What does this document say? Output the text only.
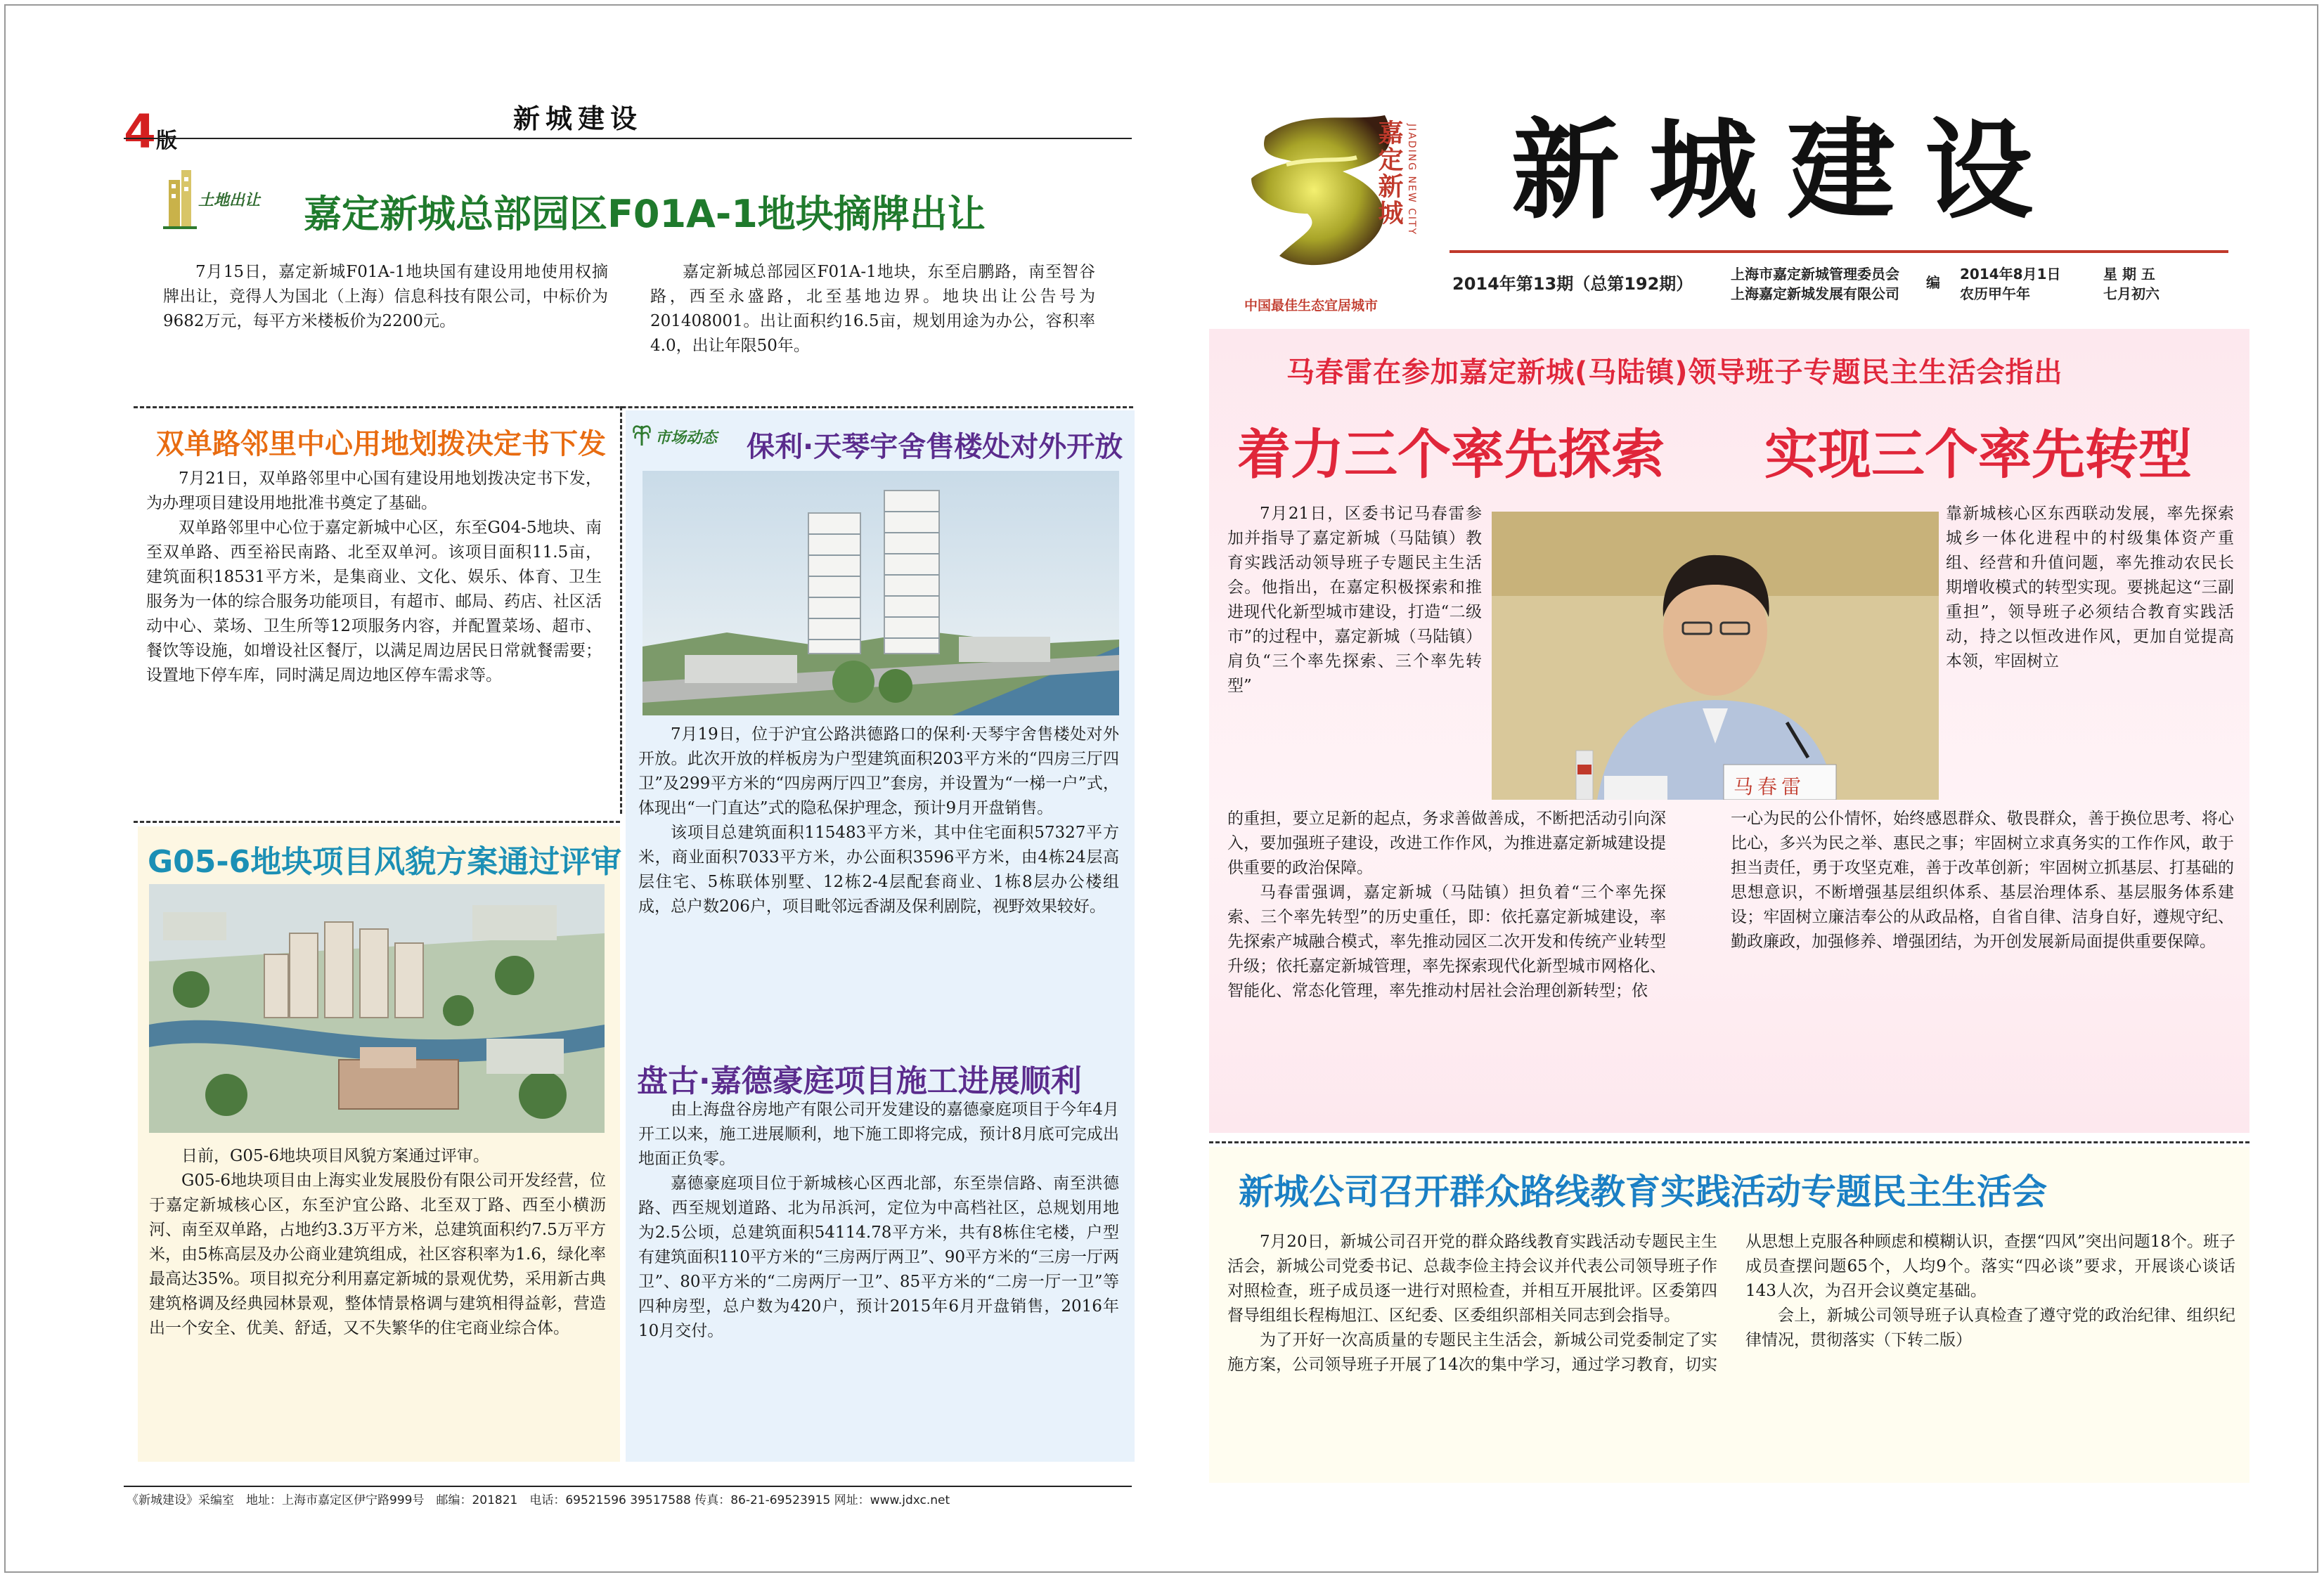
4版
新城建设
土地出让 嘉定新城总部园区F01A-1地块摘牌出让

7月15日，嘉定新城F01A-1地块国有建设用地使用权摘牌出让，竞得人为国北（上海）信息科技有限公司，中标价为9682万元，每平方米楼板价为2200元。

嘉定新城总部园区F01A-1地块，东至启鹏路，南至智谷路，西至永盛路，北至基地边界。地块出让公告号为201408001。出让面积约16.5亩，规划用途为办公，容积率4.0，出让年限50年。

双单路邻里中心用地划拨决定书下发

7月21日，双单路邻里中心国有建设用地划拨决定书下发，为办理项目建设用地批准书奠定了基础。

双单路邻里中心位于嘉定新城中心区，东至G04-5地块、南至双单路、西至裕民南路、北至双单河。该项目面积11.5亩，建筑面积18531平方米，是集商业、文化、娱乐、体育、卫生服务为一体的综合服务功能项目，有超市、邮局、药店、社区活动中心、菜场、卫生所等12项服务内容，并配置菜场、超市、餐饮等设施，如增设社区餐厅，以满足周边居民日常就餐需要；设置地下停车库，同时满足周边地区停车需求等。

市场动态 保利·天琴宇舍售楼处对外开放

7月19日，位于沪宜公路洪德路口的保利·天琴宇舍售楼处对外开放。此次开放的样板房为户型建筑面积203平方米的“四房三厅四卫”及299平方米的“四房两厅四卫”套房，并设置为“一梯一户”式，体现出“一门直达”式的隐私保护理念，预计9月开盘销售。

该项目总建筑面积115483平方米，其中住宅面积57327平方米，商业面积7033平方米，办公面积3596平方米，由4栋24层高层住宅、5栋联体别墅、12栋2-4层配套商业、1栋8层办公楼组成，总户数206户，项目毗邻远香湖及保利剧院，视野效果较好。

盘古·嘉德豪庭项目施工进展顺利

由上海盘谷房地产有限公司开发建设的嘉德豪庭项目于今年4月开工以来，施工进展顺利，地下施工即将完成，预计8月底可完成出地面正负零。

嘉德豪庭项目位于新城核心区西北部，东至崇信路、南至洪德路、西至规划道路、北为吊浜河，定位为中高档社区，总规划用地为2.5公顷，总建筑面积54114.78平方米，共有8栋住宅楼，户型有建筑面积110平方米的“三房两厅两卫”、90平方米的“三房一厅两卫”、80平方米的“二房两厅一卫”、85平方米的“二房一厅一卫”等四种房型，总户数为420户，预计2015年6月开盘销售，2016年10月交付。

G05-6地块项目风貌方案通过评审

日前，G05-6地块项目风貌方案通过评审。

G05-6地块项目由上海实业发展股份有限公司开发经营，位于嘉定新城核心区，东至沪宜公路、北至双丁路、西至小横沥河、南至双单路，占地约3.3万平方米，总建筑面积约7.5万平方米，由5栋高层及办公商业建筑组成，社区容积率为1.6，绿化率最高达35%。项目拟充分利用嘉定新城的景观优势，采用新古典建筑格调及经典园林景观，整体情景格调与建筑相得益彰，营造出一个安全、优美、舒适，又不失繁华的住宅商业综合体。

《新城建设》采编室　地址：上海市嘉定区伊宁路999号　邮编：201821　电话：69521596 39517588 传真：86-21-69523915 网址：www.jdxc.net
嘉定新城 JIADING NEW CITY
中国最佳生态宜居城市
新城建设
2014年第13期（总第192期）	上海市嘉定新城管理委员会
上海嘉定新城发展有限公司
编 2014年8月1日	星 期 五
农历甲午年	七月初六
马春雷在参加嘉定新城(马陆镇)领导班子专题民主生活会指出
着力三个率先探索 实现三个率先转型

7月21日，区委书记马春雷参加并指导了嘉定新城（马陆镇）教育实践活动领导班子专题民主生活会。他指出，在嘉定积极探索和推进现代化新型城市建设，打造“二级市”的过程中，嘉定新城（马陆镇）肩负“三个率先探索、三个率先转型”

马春雷

靠新城核心区东西联动发展，率先探索城乡一体化进程中的村级集体资产重组、经营和升值问题，率先推动农民长期增收模式的转型实现。要挑起这“三副重担”，领导班子必须结合教育实践活动，持之以恒改进作风，更加自觉提高本领，牢固树立

的重担，要立足新的起点，务求善做善成，不断把活动引向深入，要加强班子建设，改进工作作风，为推进嘉定新城建设提供重要的政治保障。

马春雷强调，嘉定新城（马陆镇）担负着“三个率先探索、三个率先转型”的历史重任，即：依托嘉定新城建设，率先探索产城融合模式，率先推动园区二次开发和传统产业转型升级；依托嘉定新城管理，率先探索现代化新型城市网格化、智能化、常态化管理，率先推动村居社会治理创新转型；依

一心为民的公仆情怀，始终感恩群众、敬畏群众，善于换位思考、将心比心，多兴为民之举、惠民之事；牢固树立求真务实的工作作风，敢于担当责任，勇于攻坚克难，善于改革创新；牢固树立抓基层、打基础的思想意识，不断增强基层组织体系、基层治理体系、基层服务体系建设；牢固树立廉洁奉公的从政品格，自省自律、洁身自好，遵规守纪、勤政廉政，加强修养、增强团结，为开创发展新局面提供重要保障。

新城公司召开群众路线教育实践活动专题民主生活会

7月20日，新城公司召开党的群众路线教育实践活动专题民主生活会，新城公司党委书记、总裁李俭主持会议并代表公司领导班子作对照检查，班子成员逐一进行对照检查，并相互开展批评。区委第四督导组组长程梅旭江、区纪委、区委组织部相关同志到会指导。

为了开好一次高质量的专题民主生活会，新城公司党委制定了实施方案，公司领导班子开展了14次的集中学习，通过学习教育，切实从思想上克服各种顾虑和模糊认识，查摆“四风”突出问题18个。班子成员查摆问题65个，人均9个。落实“四必谈”要求，开展谈心谈话143人次，为召开会议奠定基础。

会上，新城公司领导班子认真检查了遵守党的政治纪律、组织纪律情况，贯彻落实（下转二版）
